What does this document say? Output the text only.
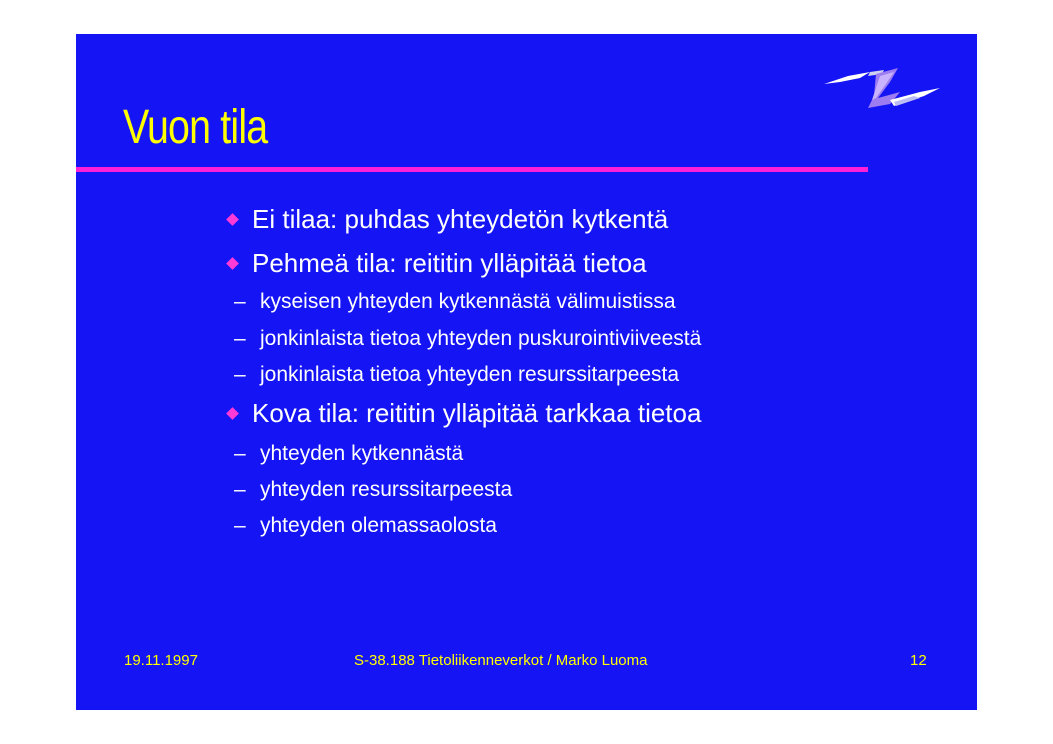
Vuon tila
Ei tilaa: puhdas yhteydetön kytkentä
Pehmeä tila: reititin ylläpitää tietoa
– kyseisen yhteyden kytkennästä välimuistissa
– jonkinlaista tietoa yhteyden puskurointiviiveestä
– jonkinlaista tietoa yhteyden resurssitarpeesta
Kova tila: reititin ylläpitää tarkkaa tietoa
– yhteyden kytkennästä
– yhteyden resurssitarpeesta
– yhteyden olemassaolosta
19.11.1997	S-38.188 Tietoliikenneverkot / Marko Luoma	12
